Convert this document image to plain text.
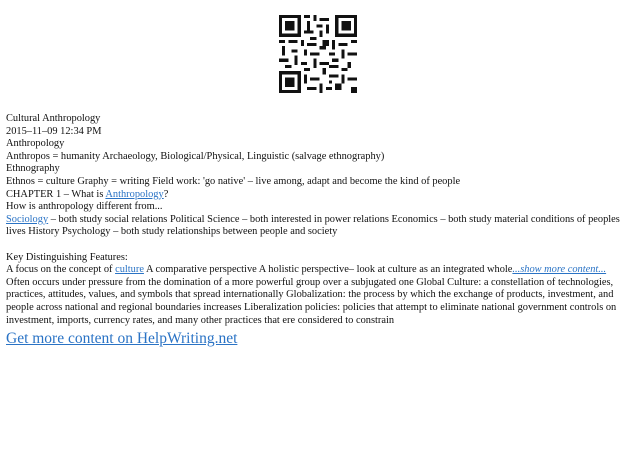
Cultural Anthropology
2015–11–09 12:34 PM
Anthropology
Anthropos = humanity Archaeology, Biological/Physical, Linguistic (salvage ethnography)
Ethnography
Ethnos = culture Graphy = writing Field work: 'go native' – live among, adapt and become the kind of people
CHAPTER 1 – What is Anthropology?
How is anthropology different from...
Sociology – both study social relations Political Science – both interested in power relations Economics – both study material conditions of peoples lives History Psychology – both study relationships between people and society
Key Distinguishing Features:
A focus on the concept of culture A comparative perspective A holistic perspective– look at culture as an integrated whole...show more content...
Often occurs under pressure from the domination of a more powerful group over a subjugated one Global Culture: a constellation of technologies, practices, attitudes, values, and symbols that spread internationally Globalization: the process by which the exchange of products, investment, and people across national and regional boundaries increases Liberalization policies: policies that attempt to eliminate national government controls on investment, imports, currency rates, and many other practices that ere considered to constrain
Get more content on HelpWriting.net
